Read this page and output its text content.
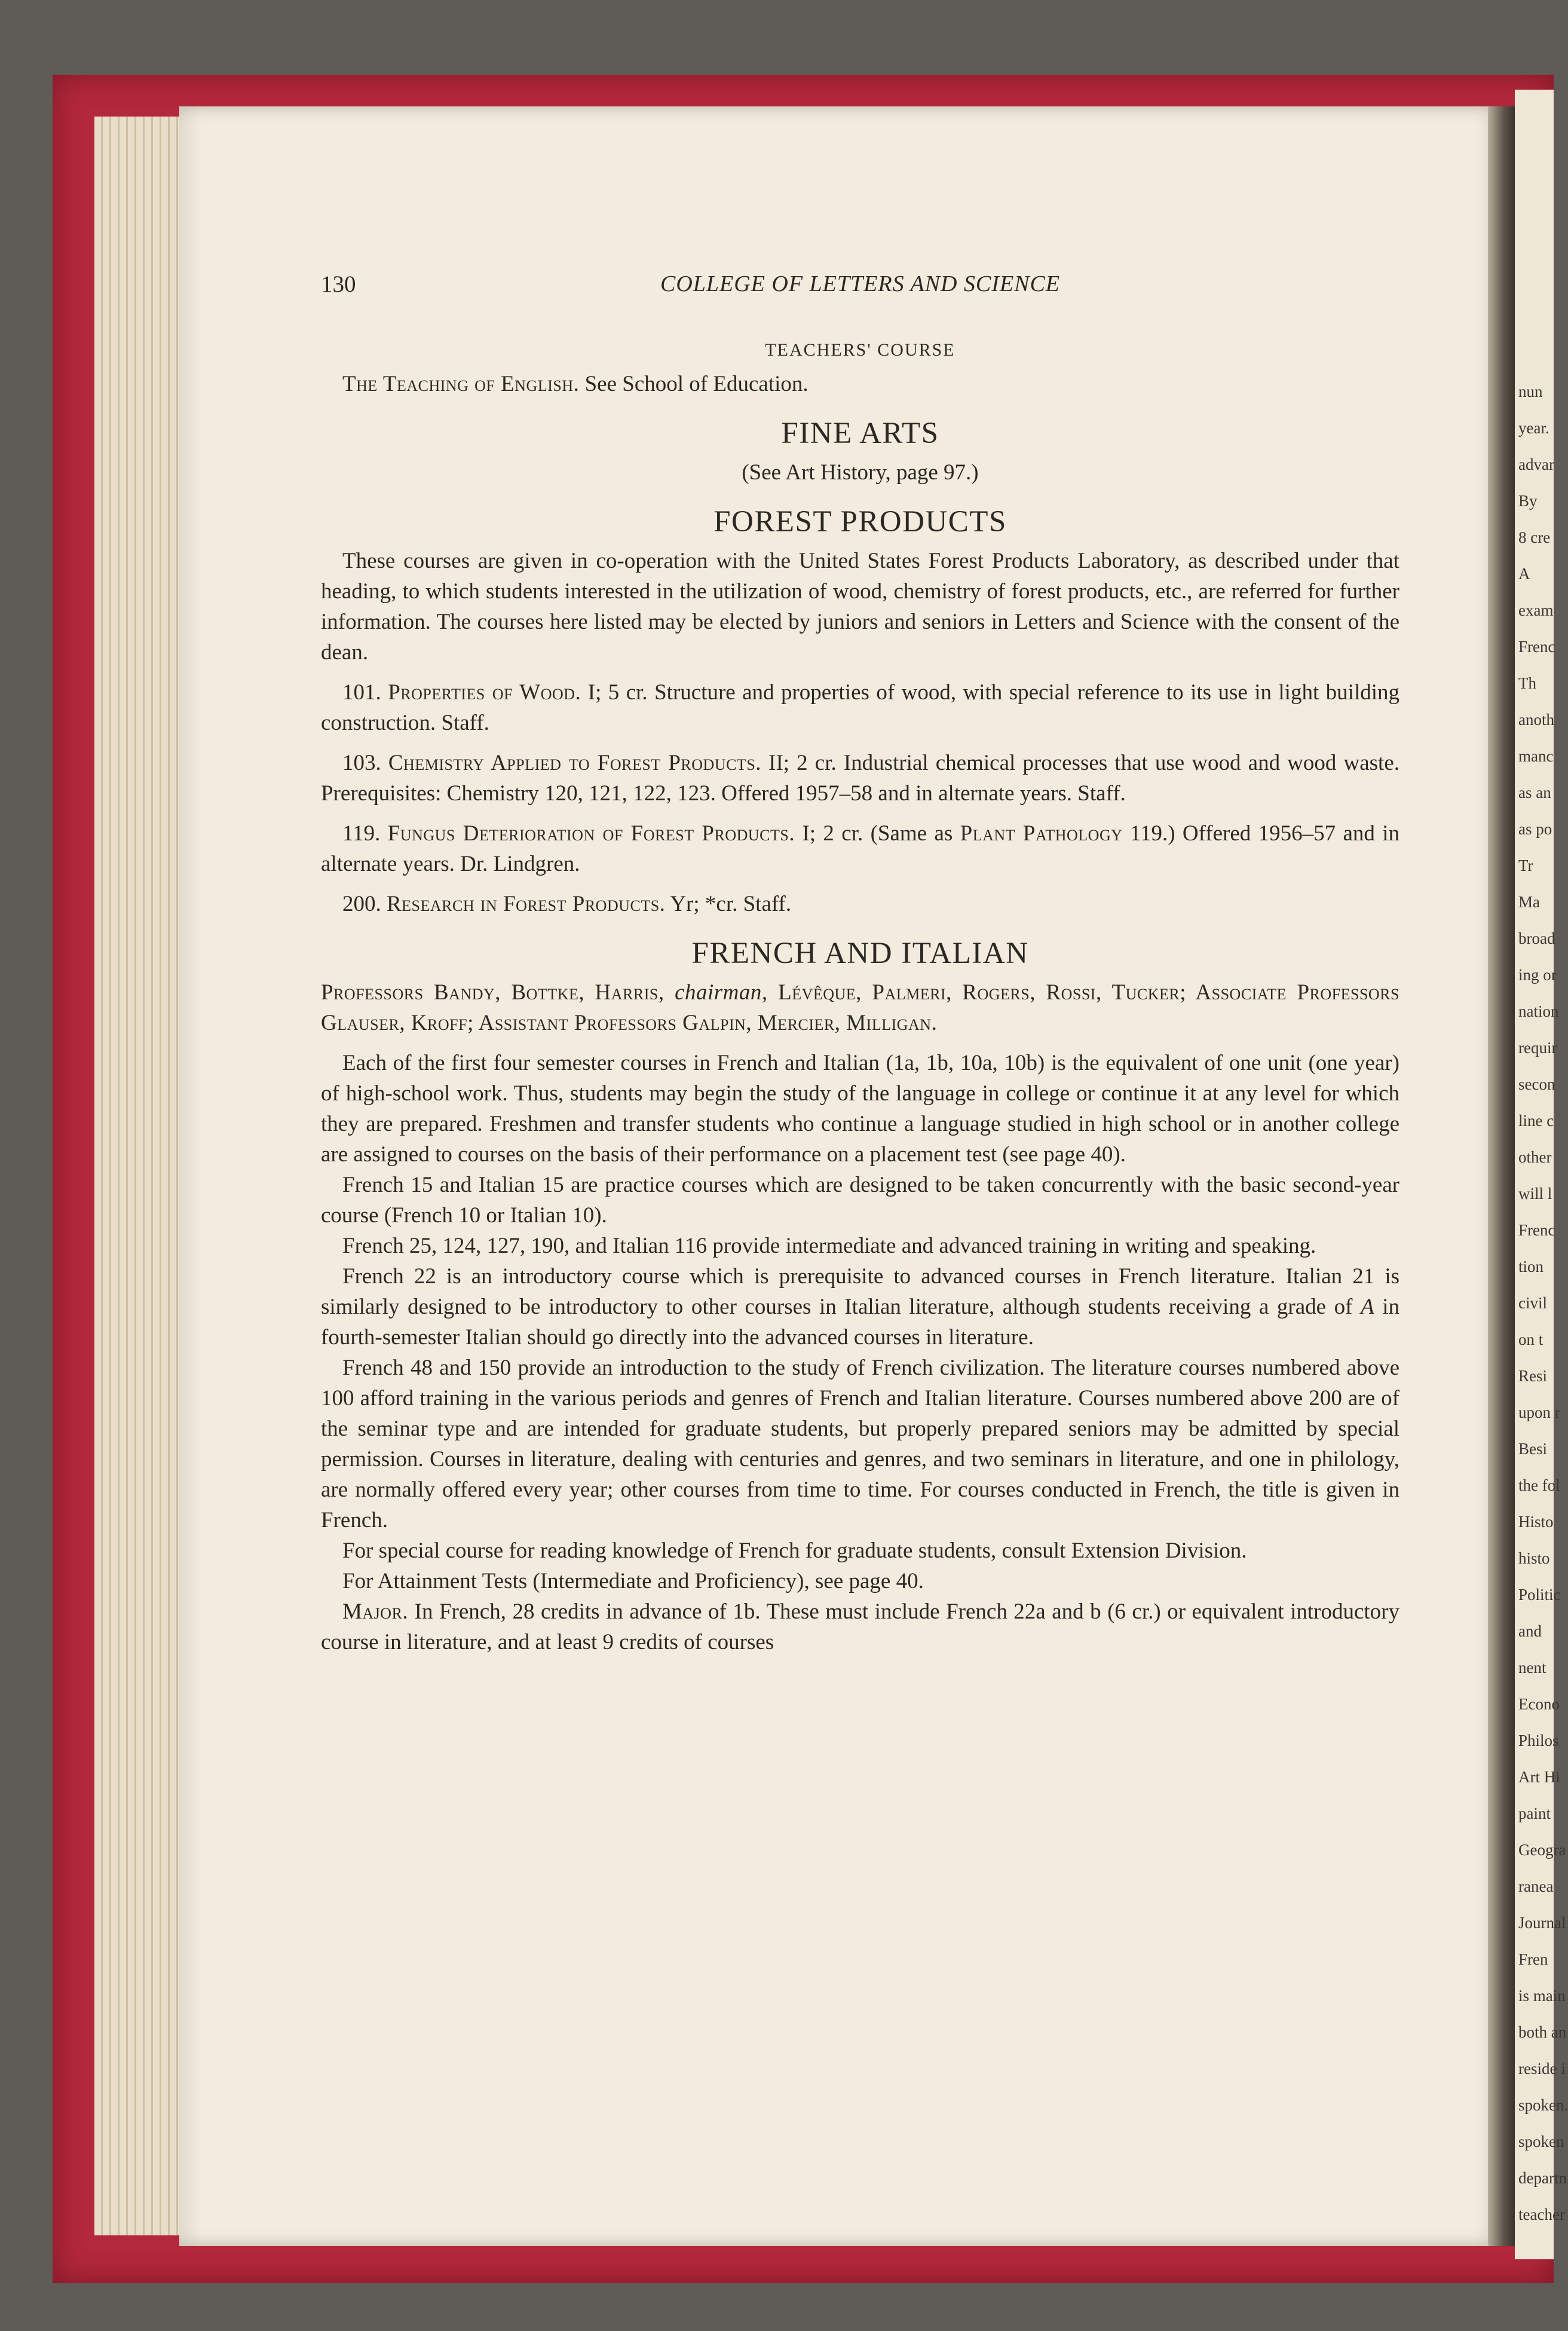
nun
year.
advar
By
8 cre
A
exam
Frenc
Th
anoth
manc
as an
as po
Tr
Ma
broad
ing or
nation
requir
secon
line c
other
will l
Frenc
tion
civil
on t
Resi
upon r
Besi
the fol
Histo
histo
Politic
and
nent
Econo
Philos
Art Hi
paint
Geogra
ranea
Journal
Fren
is main
both an
reside i
spoken.
spoken
departn
teacher
130	COLLEGE OF LETTERS AND SCIENCE
TEACHERS' COURSE

The Teaching of English. See School of Education.

FINE ARTS
(See Art History, page 97.)
FOREST PRODUCTS

These courses are given in co-operation with the United States Forest Products Laboratory, as described under that heading, to which students interested in the utilization of wood, chemistry of forest products, etc., are referred for further information. The courses here listed may be elected by juniors and seniors in Letters and Science with the consent of the dean.

101. Properties of Wood. I; 5 cr. Structure and properties of wood, with special reference to its use in light building construction. Staff.

103. Chemistry Applied to Forest Products. II; 2 cr. Industrial chemical processes that use wood and wood waste. Prerequisites: Chemistry 120, 121, 122, 123. Offered 1957–58 and in alternate years. Staff.

119. Fungus Deterioration of Forest Products. I; 2 cr. (Same as Plant Pathology 119.) Offered 1956–57 and in alternate years. Dr. Lindgren.

200. Research in Forest Products. Yr; *cr. Staff.

FRENCH AND ITALIAN

Professors Bandy, Bottke, Harris, chairman, Lévêque, Palmeri, Rogers, Rossi, Tucker; Associate Professors Glauser, Kroff; Assistant Professors Galpin, Mercier, Milligan.

Each of the first four semester courses in French and Italian (1a, 1b, 10a, 10b) is the equivalent of one unit (one year) of high-school work. Thus, students may begin the study of the language in college or continue it at any level for which they are prepared. Freshmen and transfer students who continue a language studied in high school or in another college are assigned to courses on the basis of their performance on a placement test (see page 40).

French 15 and Italian 15 are practice courses which are designed to be taken concurrently with the basic second-year course (French 10 or Italian 10).

French 25, 124, 127, 190, and Italian 116 provide intermediate and advanced training in writing and speaking.

French 22 is an introductory course which is prerequisite to advanced courses in French literature. Italian 21 is similarly designed to be introductory to other courses in Italian literature, although students receiving a grade of A in fourth-semester Italian should go directly into the advanced courses in literature.

French 48 and 150 provide an introduction to the study of French civilization. The literature courses numbered above 100 afford training in the various periods and genres of French and Italian literature. Courses numbered above 200 are of the seminar type and are intended for graduate students, but properly prepared seniors may be admitted by special permission. Courses in literature, dealing with centuries and genres, and two seminars in literature, and one in philology, are normally offered every year; other courses from time to time. For courses conducted in French, the title is given in French.

For special course for reading knowledge of French for graduate students, consult Extension Division.

For Attainment Tests (Intermediate and Proficiency), see page 40.

Major. In French, 28 credits in advance of 1b. These must include French 22a and b (6 cr.) or equivalent introductory course in literature, and at least 9 credits of courses
